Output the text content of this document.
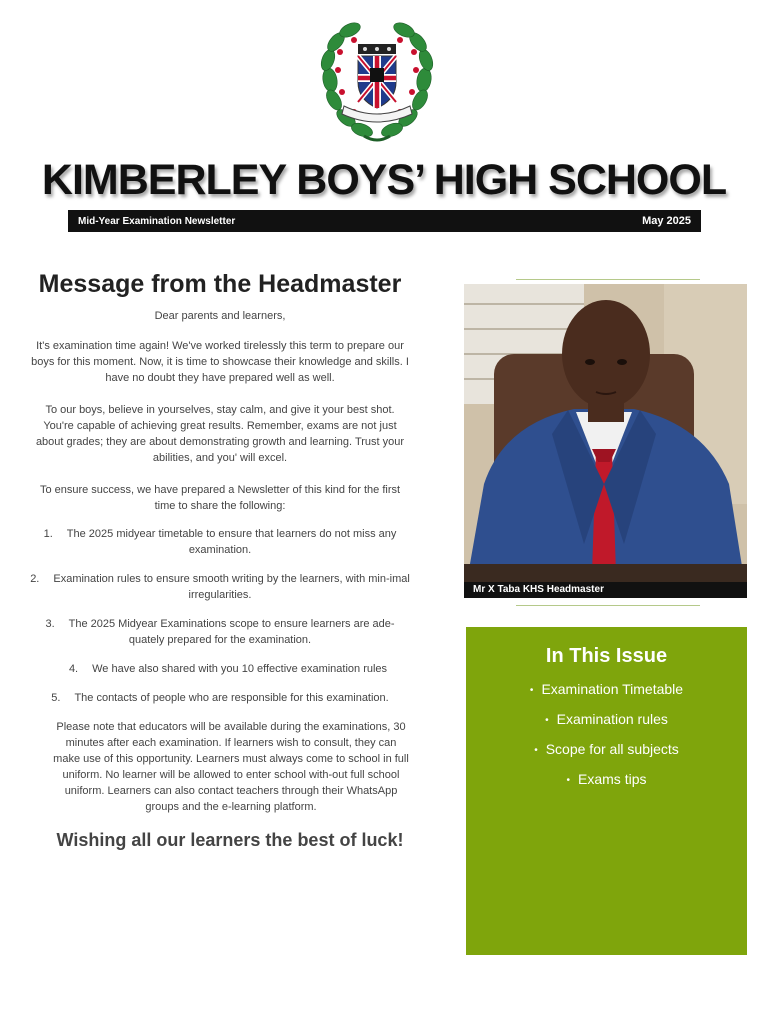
KIMBERLEY BOYS’ HIGH SCHOOL
Mid-Year Examination Newsletter	May 2025
Message from the Headmaster

Dear parents and learners,

It's examination time again! We've worked tirelessly this term to prepare our boys for this moment. Now, it is time to showcase their knowledge and skills. I have no doubt they have prepared well as well.

To our boys, believe in yourselves, stay calm, and give it your best shot. You're capable of achieving great results. Remember, exams are not just about grades; they are about demonstrating growth and learning. Trust your abilities, and you' will excel.

To ensure success, we have prepared a Newsletter of this kind for the first time to share the following:

1. The 2025 midyear timetable to ensure that learners do not miss any examination.
2. Examination rules to ensure smooth writing by the learners, with min-imal irregularities.
3. The 2025 Midyear Examinations scope to ensure learners are ade-quately prepared for the examination.
4. We have also shared with you 10 effective examination rules
5. The contacts of people who are responsible for this examination.

Please note that educators will be available during the examinations, 30 minutes after each examination. If learners wish to consult, they can make use of this opportunity. Learners must always come to school in full uniform. No learner will be allowed to enter school with-out full school uniform. Learners can also contact teachers through their WhatsApp groups and the e-learning platform.

Wishing all our learners the best of luck!
Mr X Taba KHS Headmaster
In This Issue
• Examination Timetable
• Examination rules
• Scope for all subjects
• Exams tips
